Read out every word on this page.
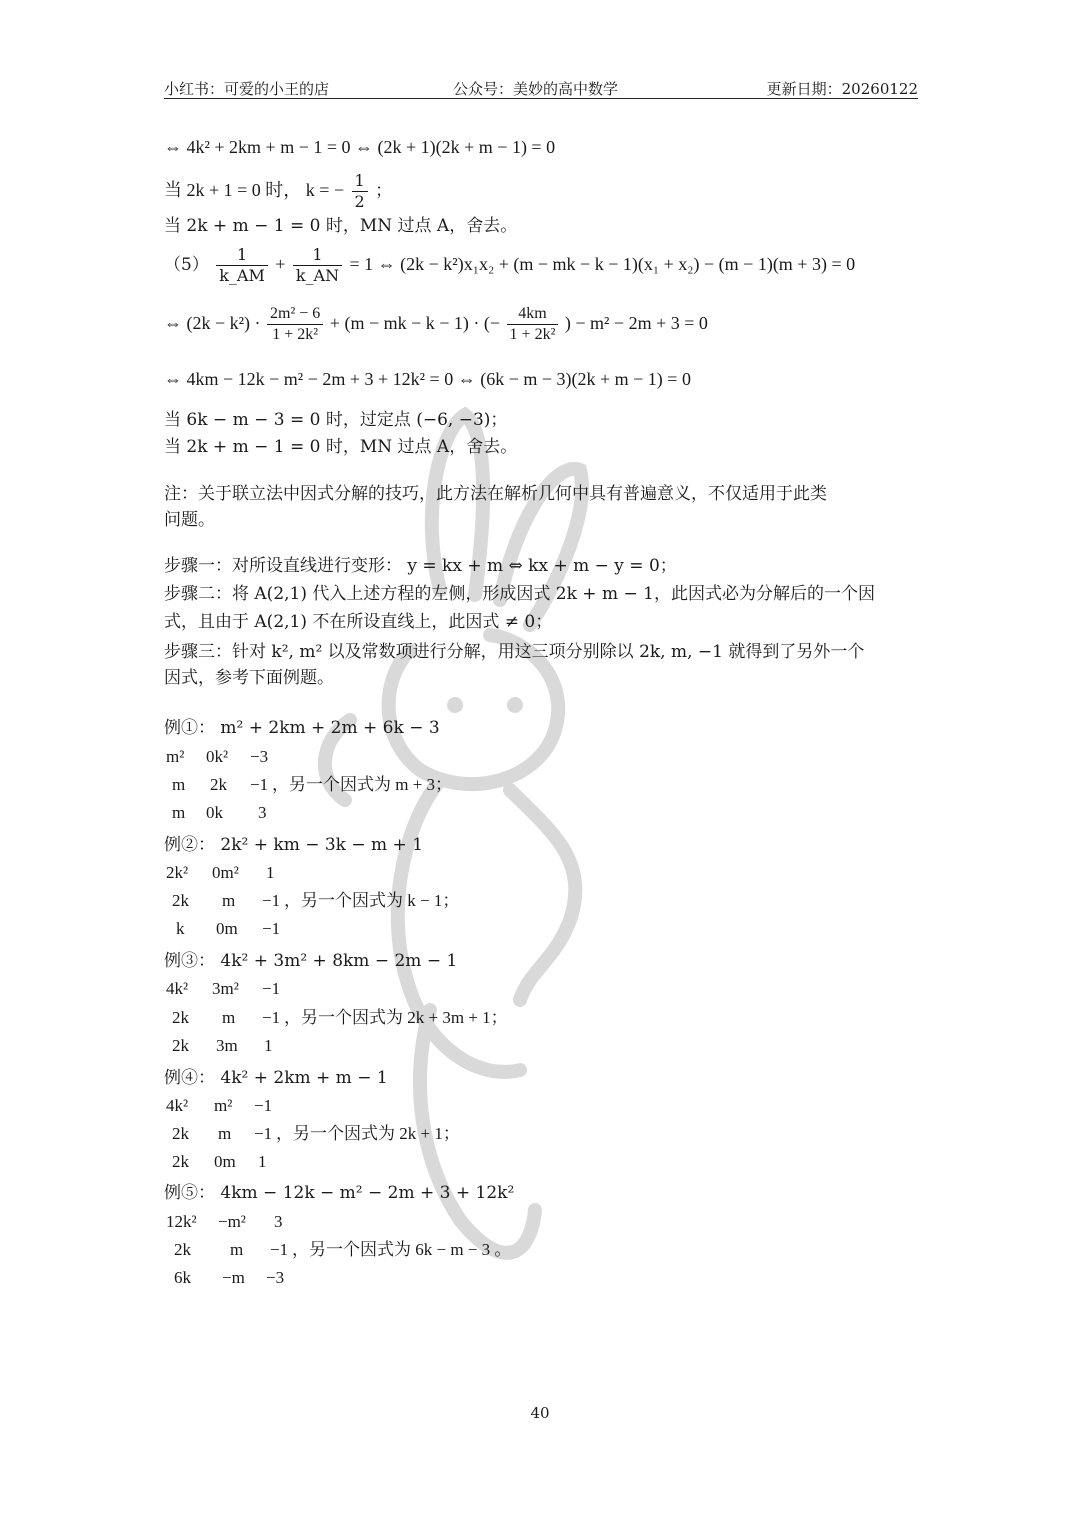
小红书：可爱的小王的店	公众号：美妙的高中数学	更新日期：20260122
⇔ 4k² + 2km + m − 1 = 0 ⇔ (2k + 1)(2k + m − 1) = 0
当 2k + 1 = 0 时， k = − $\frac{1}{2}$ ；
当 2k + m − 1 = 0 时，MN 过点 A，舍去。
$(5) \frac{1}{k\_AM} + \frac{1}{k\_AN} = 1$ ⇔ (2k − k²)x₁x₂ + (m − mk − k − 1)(x₁ + x₂) − (m − 1)(m + 3) = 0
⇔ $(2k - k^2) \cdot \frac{\text{2m² − 6}}{\text{1 + 2k²}} + (m$ − mk − k − 1) · (− $\frac{4km}{\text{1 + 2k²}}$ ) − m² − 2m + 3 = 0
⇔ 4km − 12k − m² − 2m + 3 + 12k² = 0 ⇔ (6k − m − 3)(2k + m − 1) = 0
当 6k − m − 3 = 0 时，过定点 (−6, −3)；
当 2k + m − 1 = 0 时，MN 过点 A，舍去。
注：关于联立法中因式分解的技巧，此方法在解析几何中具有普遍意义，不仅适用于此类
问题。
步骤一：对所设直线进行变形： y = kx + m ⇔ kx + m − y = 0；
步骤二：将 A(2,1) 代入上述方程的左侧，形成因式 2k + m − 1，此因式必为分解后的一个因
式，且由于 A(2,1) 不在所设直线上，此因式 ≠ 0；
步骤三：针对 k², m² 以及常数项进行分解，用这三项分别除以 2k, m, −1 就得到了另外一个
因式，参考下面例题。
例①： m² + 2km + 2m + 6k − 3
m² 0k² −3
m 2k −1 ，另一个因式为 m + 3；
m 0k 3
例②： 2k² + km − 3k − m + 1
2k² 0m² 1
2k m −1 ，另一个因式为 k − 1；
k 0m −1
例③： 4k² + 3m² + 8km − 2m − 1
4k² 3m² −1
2k m −1 ，另一个因式为 2k + 3m + 1；
2k 3m 1
例④： 4k² + 2km + m − 1
4k² m² −1
2k m −1 ，另一个因式为 2k + 1；
2k 0m 1
例⑤： 4km − 12k − m² − 2m + 3 + 12k²
12k² −m² 3
2k m −1 ，另一个因式为 6k − m − 3 。
6k −m −3
40
